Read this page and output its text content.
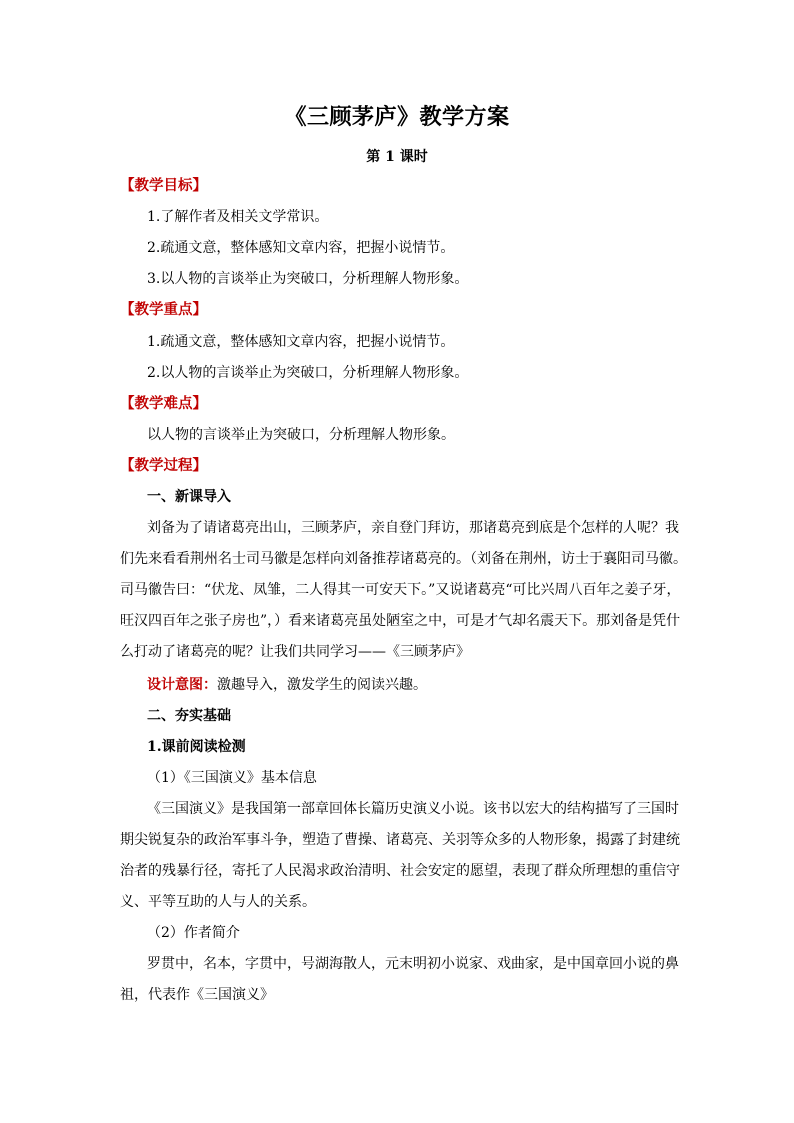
《三顾茅庐》教学方案
第 1 课时
【教学目标】
1.了解作者及相关文学常识。
2.疏通文意，整体感知文章内容，把握小说情节。
3.以人物的言谈举止为突破口，分析理解人物形象。
【教学重点】
1.疏通文意，整体感知文章内容，把握小说情节。
2.以人物的言谈举止为突破口，分析理解人物形象。
【教学难点】
以人物的言谈举止为突破口，分析理解人物形象。
【教学过程】
一、新课导入
刘备为了请诸葛亮出山，三顾茅庐，亲自登门拜访，那诸葛亮到底是个怎样的人呢？我
们先来看看荆州名士司马徽是怎样向刘备推荐诸葛亮的。（刘备在荆州，访士于襄阳司马徽。
司马徽告曰：“伏龙、凤雏，二人得其一可安天下。”又说诸葛亮“可比兴周八百年之姜子牙，
旺汉四百年之张子房也”，）看来诸葛亮虽处陋室之中，可是才气却名震天下。那刘备是凭什
么打动了诸葛亮的呢？让我们共同学习——《三顾茅庐》
设计意图：激趣导入，激发学生的阅读兴趣。
二、夯实基础
1.课前阅读检测
（1）《三国演义》基本信息
《三国演义》是我国第一部章回体长篇历史演义小说。该书以宏大的结构描写了三国时
期尖锐复杂的政治军事斗争，塑造了曹操、诸葛亮、关羽等众多的人物形象，揭露了封建统
治者的残暴行径，寄托了人民渴求政治清明、社会安定的愿望，表现了群众所理想的重信守
义、平等互助的人与人的关系。
（2）作者简介
罗贯中，名本，字贯中，号湖海散人，元末明初小说家、戏曲家，是中国章回小说的鼻
祖，代表作《三国演义》
